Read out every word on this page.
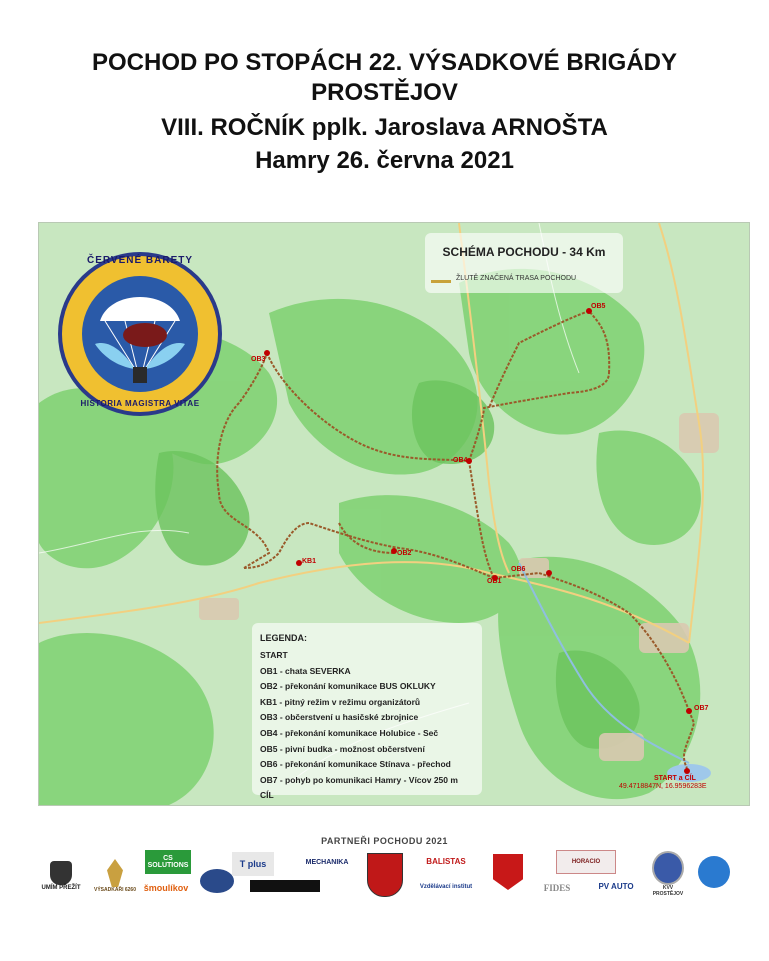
POCHOD PO STOPÁCH 22. VÝSADKOVÉ BRIGÁDY
PROSTĚJOV
VIII. ROČNÍK pplk. Jaroslava ARNOŠTA
Hamry 26. června 2021
OB1
OB2
KB1
OB3
OB4
OB5
OB6
OB7
START a CÍL
49.4718847N, 16.9596283E
ČERVENÉ BARETY
HISTORIA MAGISTRA VITAE
SCHÉMA POCHODU - 34 Km
ŽLUTĚ ZNAČENÁ TRASA POCHODU
LEGENDA:
START
OB1 - chata SEVERKA
OB2 - překonání komunikace BUS OKLUKY
KB1 - pitný režim v režimu organizátorů
OB3 - občerstvení u hasičské zbrojnice
OB4 - překonání komunikace Holubice - Seč
OB5 - pivní budka - možnost občerstvení
OB6 - překonání komunikace Stínava - přechod
OB7 - pohyb po komunikaci Hamry - Vícov 250 m
CÍL
PARTNEŘI POCHODU 2021
UMÍM PŘEŽÍT	VÝSADKÁŘI 6260
CS SOLUTIONS
šmoulíkov
T plus	MECHANIKA	BALISTAS
Vzdělávací institut
HORACIO
FIDES	PV AUTO	KVV PROSTĚJOV
